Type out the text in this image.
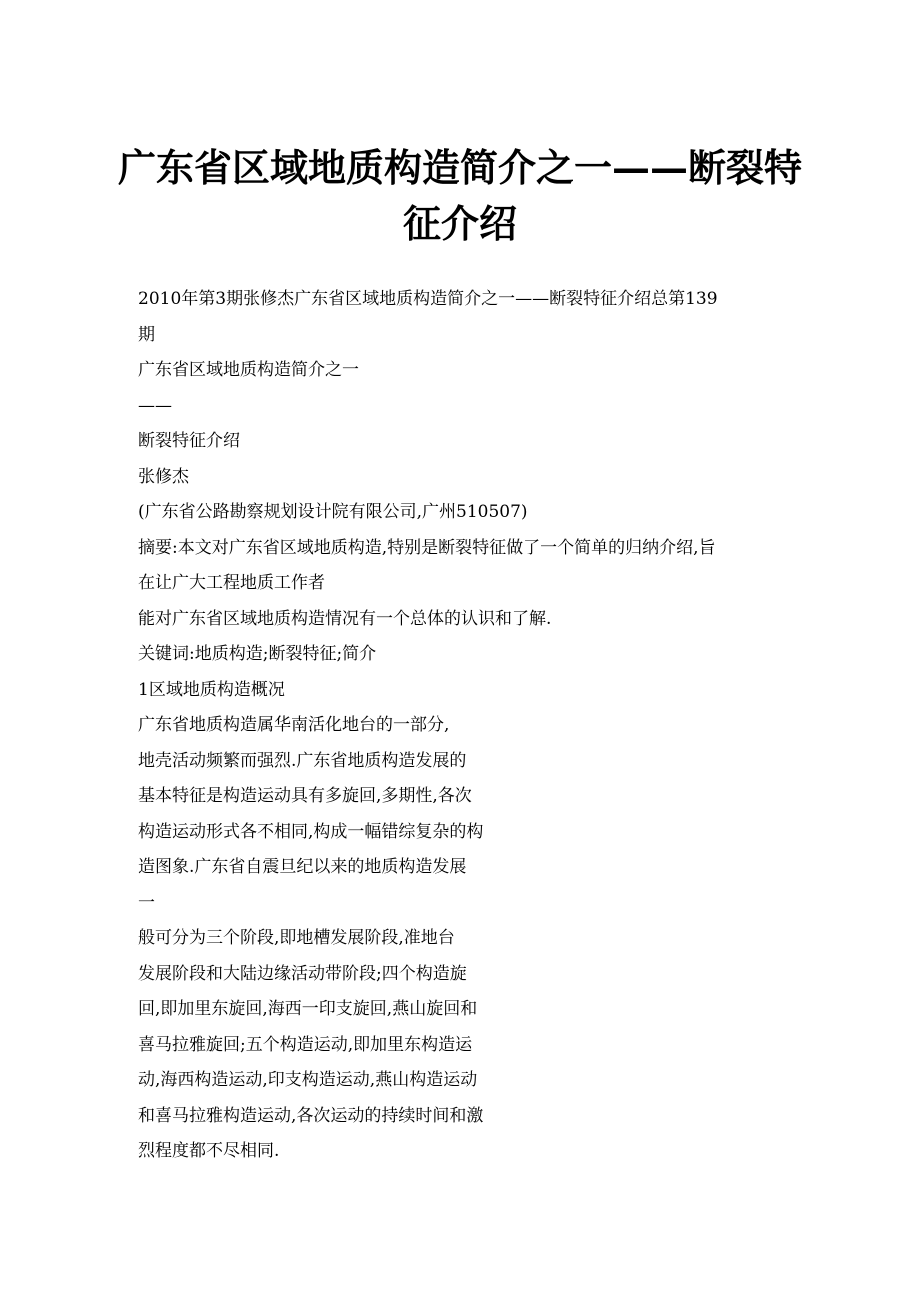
广东省区域地质构造简介之一——断裂特
征介绍
2010年第3期张修杰广东省区域地质构造简介之一——断裂特征介绍总第139
期
广东省区域地质构造简介之一
——
断裂特征介绍
张修杰
(广东省公路勘察规划设计院有限公司,广州510507)
摘要:本文对广东省区域地质构造,特别是断裂特征做了一个简单的归纳介绍,旨
在让广大工程地质工作者
能对广东省区域地质构造情况有一个总体的认识和了解.
关键词:地质构造;断裂特征;简介
1区域地质构造概况
广东省地质构造属华南活化地台的一部分,
地壳活动频繁而强烈.广东省地质构造发展的
基本特征是构造运动具有多旋回,多期性,各次
构造运动形式各不相同,构成一幅错综复杂的构
造图象.广东省自震旦纪以来的地质构造发展
一
般可分为三个阶段,即地槽发展阶段,准地台
发展阶段和大陆边缘活动带阶段;四个构造旋
回,即加里东旋回,海西一印支旋回,燕山旋回和
喜马拉雅旋回;五个构造运动,即加里东构造运
动,海西构造运动,印支构造运动,燕山构造运动
和喜马拉雅构造运动,各次运动的持续时间和激
烈程度都不尽相同.
